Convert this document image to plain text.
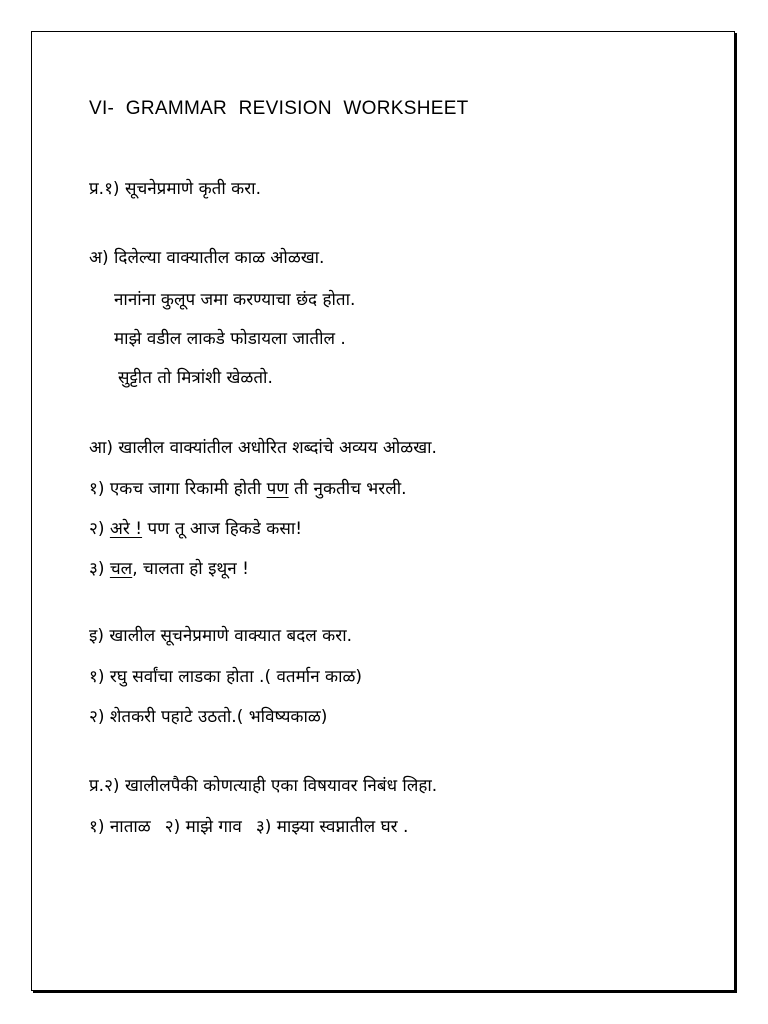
VI- GRAMMAR REVISION WORKSHEET
प्र.१) सूचनेप्रमाणे कृती करा.
अ) दिलेल्या वाक्यातील काळ ओळखा.
नानांना कुलूप जमा करण्याचा छंद होता.
माझे वडील लाकडे फोडायला जातील .
सुट्टीत तो मित्रांशी खेळतो.
आ) खालील वाक्यांतील अधोरित शब्दांचे अव्यय ओळखा.
१) एकच जागा रिकामी होती पण ती नुकतीच भरली.
२) अरे ! पण तू आज हिकडे कसा!
३) चल, चालता हो इथून !
इ) खालील सूचनेप्रमाणे वाक्यात बदल करा.
१) रघु सर्वांचा लाडका होता .( वतर्मान काळ)
२) शेतकरी पहाटे उठतो.( भविष्यकाळ)
प्र.२) खालीलपैकी कोणत्याही एका विषयावर निबंध लिहा.
१) नाताळ २) माझे गाव ३) माझ्या स्वप्नातील घर .
